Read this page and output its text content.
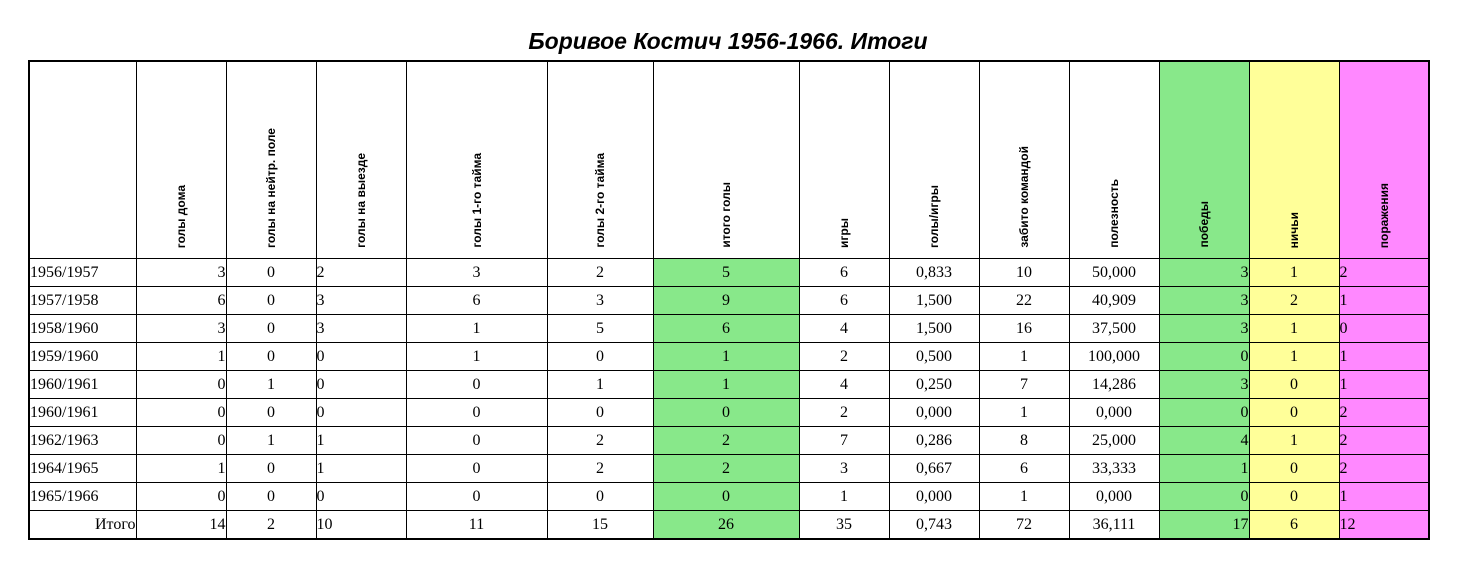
Боривое Костич 1956-1966. Итоги

	голы дома	голы на нейтр. поле	голы на выезде	голы 1-го тайма	голы 2-го тайма	итого голы	игры	голы/игры	забито командой	полезность	победы	ничьи	поражения

1956/1957	3	0	2	3	2	5	6	0,833	10	50,000	3	1	2
1957/1958	6	0	3	6	3	9	6	1,500	22	40,909	3	2	1
1958/1960	3	0	3	1	5	6	4	1,500	16	37,500	3	1	0
1959/1960	1	0	0	1	0	1	2	0,500	1	100,000	0	1	1
1960/1961	0	1	0	0	1	1	4	0,250	7	14,286	3	0	1
1960/1961	0	0	0	0	0	0	2	0,000	1	0,000	0	0	2
1962/1963	0	1	1	0	2	2	7	0,286	8	25,000	4	1	2
1964/1965	1	0	1	0	2	2	3	0,667	6	33,333	1	0	2
1965/1966	0	0	0	0	0	0	1	0,000	1	0,000	0	0	1
Итого	14	2	10	11	15	26	35	0,743	72	36,111	17	6	12
